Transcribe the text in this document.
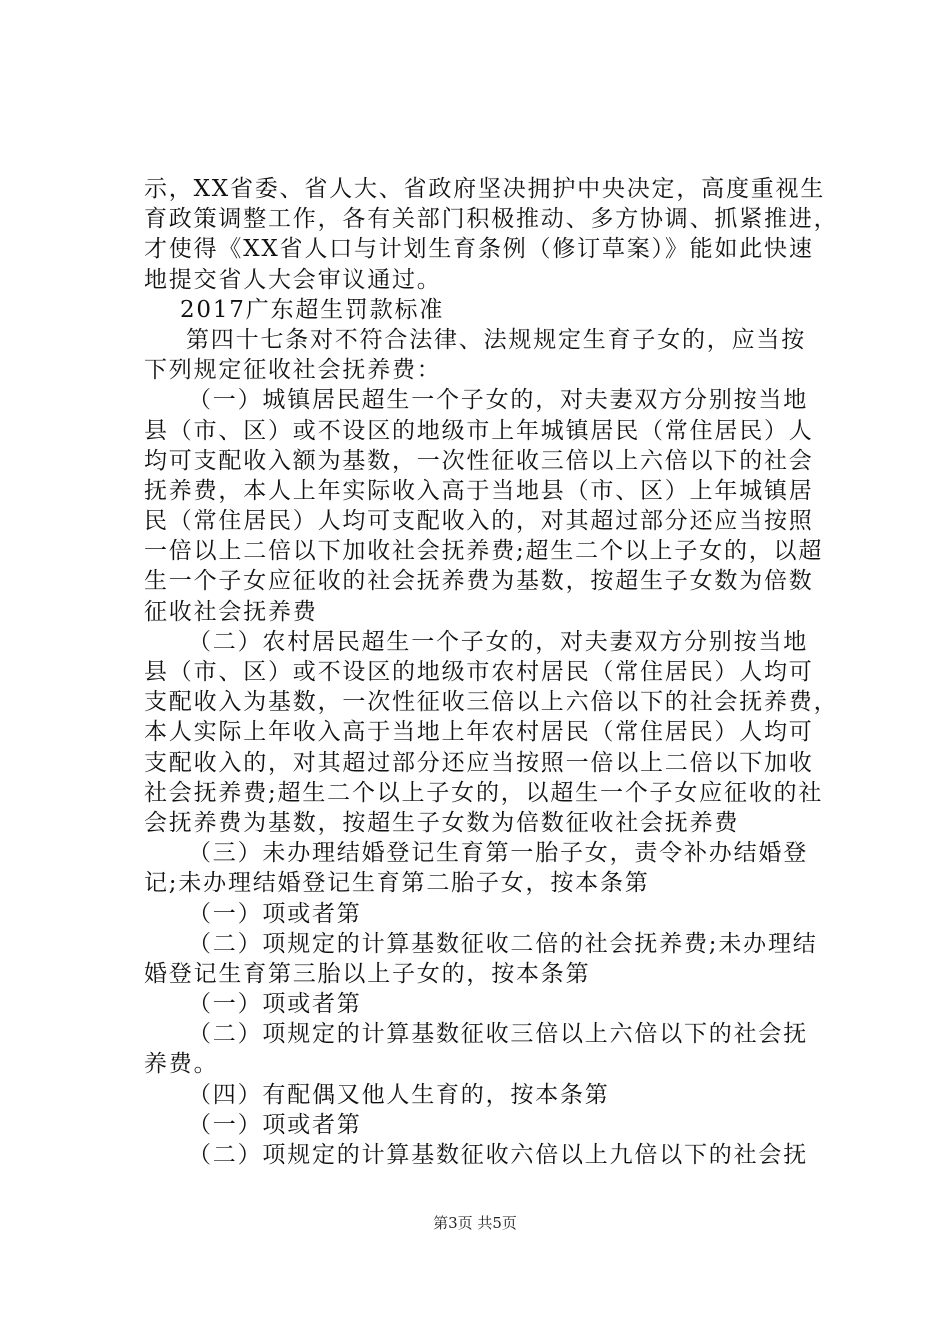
示，XX省委、省人大、省政府坚决拥护中央决定，高度重视生
育政策调整工作，各有关部门积极推动、多方协调、抓紧推进，
才使得《XX省人口与计划生育条例（修订草案）》能如此快速
地提交省人大会审议通过。
2017广东超生罚款标准
第四十七条对不符合法律、法规规定生育子女的，应当按
下列规定征收社会抚养费：
（一）城镇居民超生一个子女的，对夫妻双方分别按当地
县（市、区）或不设区的地级市上年城镇居民（常住居民）人
均可支配收入额为基数，一次性征收三倍以上六倍以下的社会
抚养费，本人上年实际收入高于当地县（市、区）上年城镇居
民（常住居民）人均可支配收入的，对其超过部分还应当按照
一倍以上二倍以下加收社会抚养费;超生二个以上子女的，以超
生一个子女应征收的社会抚养费为基数，按超生子女数为倍数
征收社会抚养费
（二）农村居民超生一个子女的，对夫妻双方分别按当地
县（市、区）或不设区的地级市农村居民（常住居民）人均可
支配收入为基数，一次性征收三倍以上六倍以下的社会抚养费，
本人实际上年收入高于当地上年农村居民（常住居民）人均可
支配收入的，对其超过部分还应当按照一倍以上二倍以下加收
社会抚养费;超生二个以上子女的，以超生一个子女应征收的社
会抚养费为基数，按超生子女数为倍数征收社会抚养费
（三）未办理结婚登记生育第一胎子女，责令补办结婚登
记;未办理结婚登记生育第二胎子女，按本条第
（一）项或者第
（二）项规定的计算基数征收二倍的社会抚养费;未办理结
婚登记生育第三胎以上子女的，按本条第
（一）项或者第
（二）项规定的计算基数征收三倍以上六倍以下的社会抚
养费。
（四）有配偶又他人生育的，按本条第
（一）项或者第
（二）项规定的计算基数征收六倍以上九倍以下的社会抚
第3页 共5页
